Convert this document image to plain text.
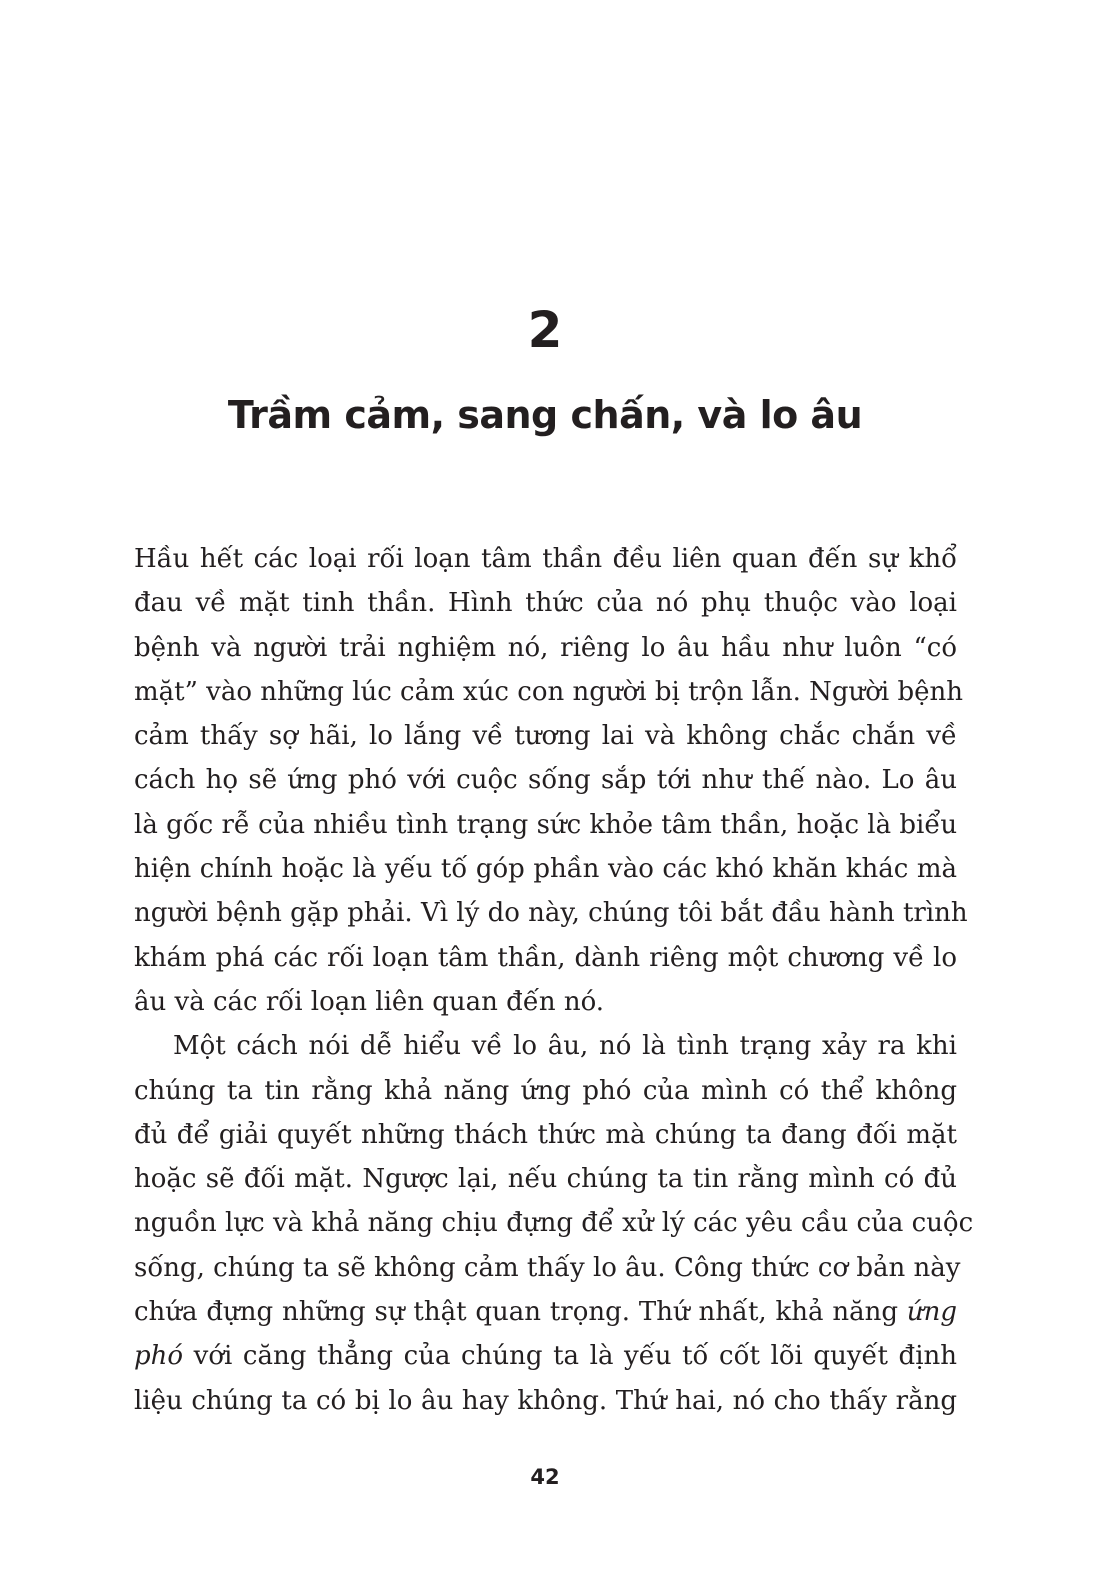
2
Trầm cảm, sang chấn, và lo âu

Hầu hết các loại rối loạn tâm thần đều liên quan đến sự khổ
đau về mặt tinh thần. Hình thức của nó phụ thuộc vào loại
bệnh và người trải nghiệm nó, riêng lo âu hầu như luôn “có
mặt” vào những lúc cảm xúc con người bị trộn lẫn. Người bệnh
cảm thấy sợ hãi, lo lắng về tương lai và không chắc chắn về
cách họ sẽ ứng phó với cuộc sống sắp tới như thế nào. Lo âu
là gốc rễ của nhiều tình trạng sức khỏe tâm thần, hoặc là biểu
hiện chính hoặc là yếu tố góp phần vào các khó khăn khác mà
người bệnh gặp phải. Vì lý do này, chúng tôi bắt đầu hành trình
khám phá các rối loạn tâm thần, dành riêng một chương về lo
âu và các rối loạn liên quan đến nó.

Một cách nói dễ hiểu về lo âu, nó là tình trạng xảy ra khi
chúng ta tin rằng khả năng ứng phó của mình có thể không
đủ để giải quyết những thách thức mà chúng ta đang đối mặt
hoặc sẽ đối mặt. Ngược lại, nếu chúng ta tin rằng mình có đủ
nguồn lực và khả năng chịu đựng để xử lý các yêu cầu của cuộc
sống, chúng ta sẽ không cảm thấy lo âu. Công thức cơ bản này
chứa đựng những sự thật quan trọng. Thứ nhất, khả năng ứng
phó với căng thẳng của chúng ta là yếu tố cốt lõi quyết định
liệu chúng ta có bị lo âu hay không. Thứ hai, nó cho thấy rằng

42
